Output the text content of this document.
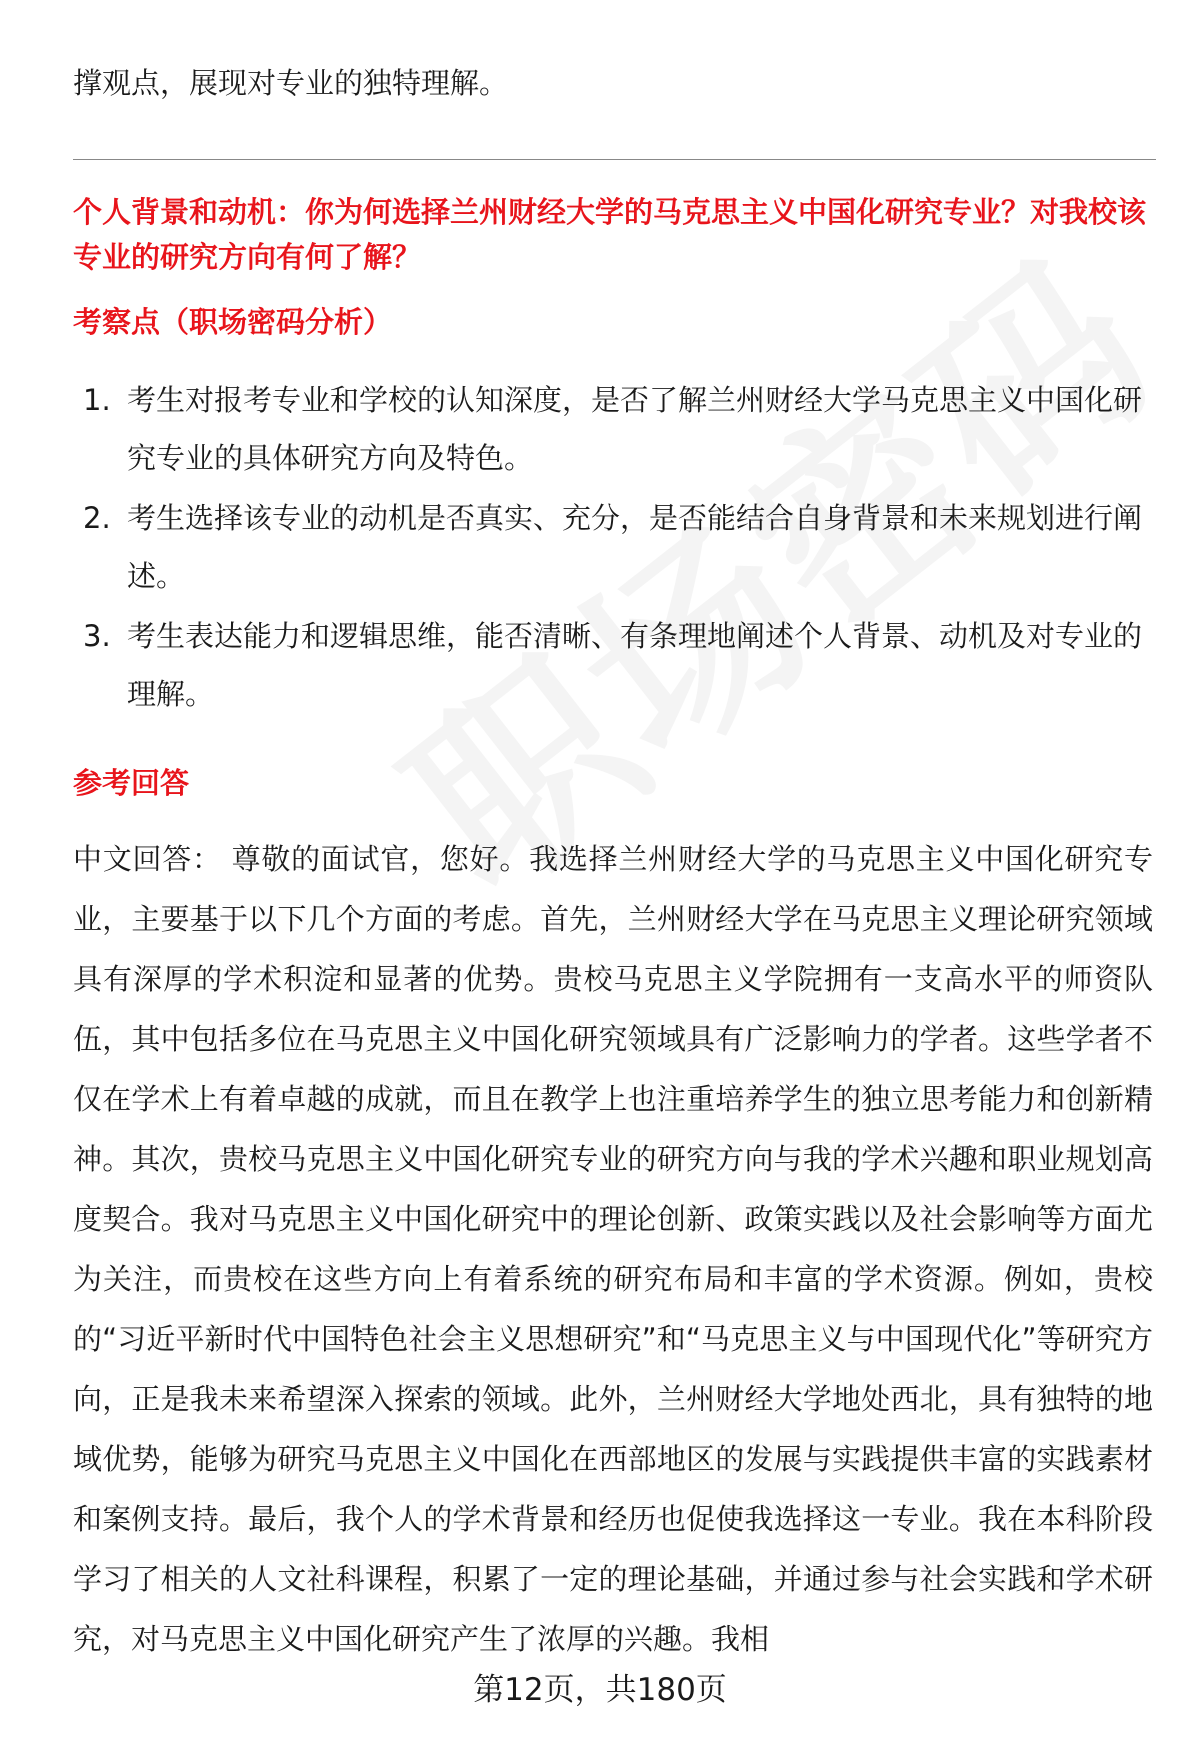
撑观点，展现对专业的独特理解。

个人背景和动机：你为何选择兰州财经大学的马克思主义中国化研究专业？对我校该专业的研究方向有何了解？

考察点（职场密码分析）

1. 考生对报考专业和学校的认知深度，是否了解兰州财经大学马克思主义中国化研究专业的具体研究方向及特色。
2. 考生选择该专业的动机是否真实、充分，是否能结合自身背景和未来规划进行阐述。
3. 考生表达能力和逻辑思维，能否清晰、有条理地阐述个人背景、动机及对专业的理解。

参考回答

中文回答： 尊敬的面试官，您好。我选择兰州财经大学的马克思主义中国化研究专业，主要基于以下几个方面的考虑。首先，兰州财经大学在马克思主义理论研究领域具有深厚的学术积淀和显著的优势。贵校马克思主义学院拥有一支高水平的师资队伍，其中包括多位在马克思主义中国化研究领域具有广泛影响力的学者。这些学者不仅在学术上有着卓越的成就，而且在教学上也注重培养学生的独立思考能力和创新精神。其次，贵校马克思主义中国化研究专业的研究方向与我的学术兴趣和职业规划高度契合。我对马克思主义中国化研究中的理论创新、政策实践以及社会影响等方面尤为关注，而贵校在这些方向上有着系统的研究布局和丰富的学术资源。例如，贵校的“习近平新时代中国特色社会主义思想研究”和“马克思主义与中国现代化”等研究方向，正是我未来希望深入探索的领域。此外，兰州财经大学地处西北，具有独特的地域优势，能够为研究马克思主义中国化在西部地区的发展与实践提供丰富的实践素材和案例支持。最后，我个人的学术背景和经历也促使我选择这一专业。我在本科阶段学习了相关的人文社科课程，积累了一定的理论基础，并通过参与社会实践和学术研究，对马克思主义中国化研究产生了浓厚的兴趣。我相

第12页，共180页
